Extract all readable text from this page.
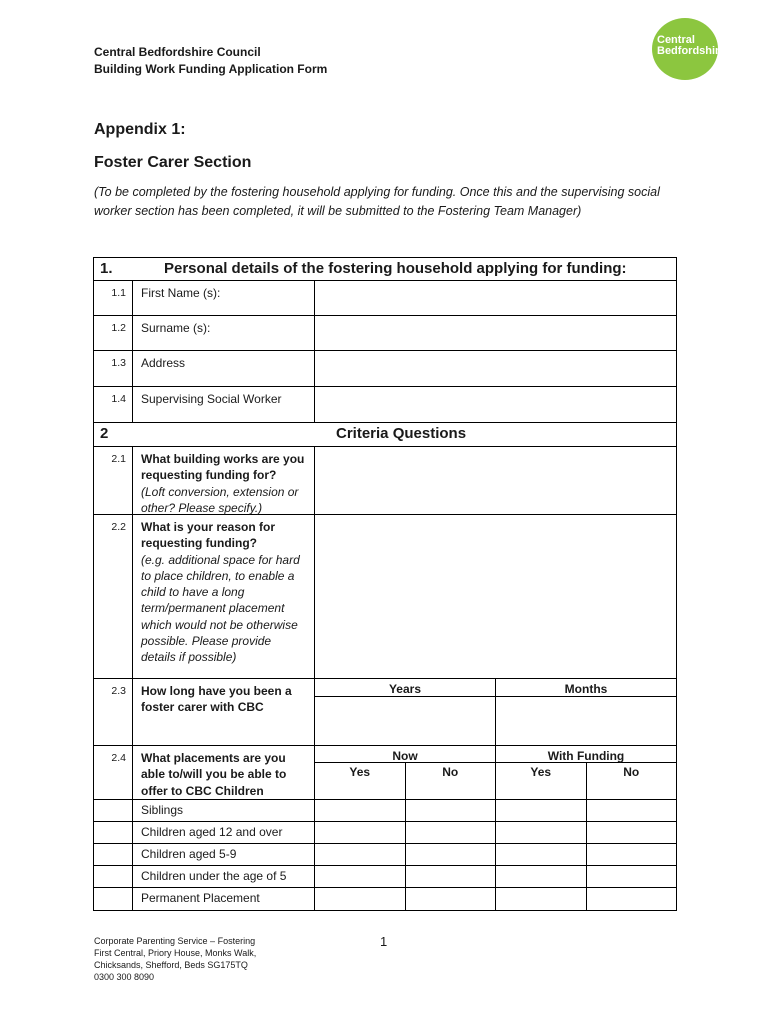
Central Bedfordshire Council
Building Work Funding Application Form
Central
Bedfordshire
Appendix 1:
Foster Carer Section
(To be completed by the fostering household applying for funding. Once this and the supervising social worker section has been completed, it will be submitted to the Fostering Team Manager)
1.	Personal details of the fostering household applying for funding:
1.1	First Name (s):
1.2	Surname (s):
1.3	Address
1.4	Supervising Social Worker
2	Criteria Questions
2.1	What building works are you requesting funding for?
(Loft conversion, extension or other? Please specify.)
2.2	What is your reason for requesting funding?
(e.g. additional space for hard to place children, to enable a child to have a long term/permanent placement which would not be otherwise possible. Please provide details if possible)
2.3	How long have you been a foster carer with CBC
Years	Months
2.4	What placements are you able to/will you be able to offer to CBC Children
Now
Yes	No
With Funding
Yes	No
Siblings
Children aged 12 and over
Children aged 5-9
Children under the age of 5
Permanent Placement
Corporate Parenting Service – Fostering
First Central, Priory House, Monks Walk,
Chicksands, Shefford, Beds SG175TQ
0300 300 8090
1
